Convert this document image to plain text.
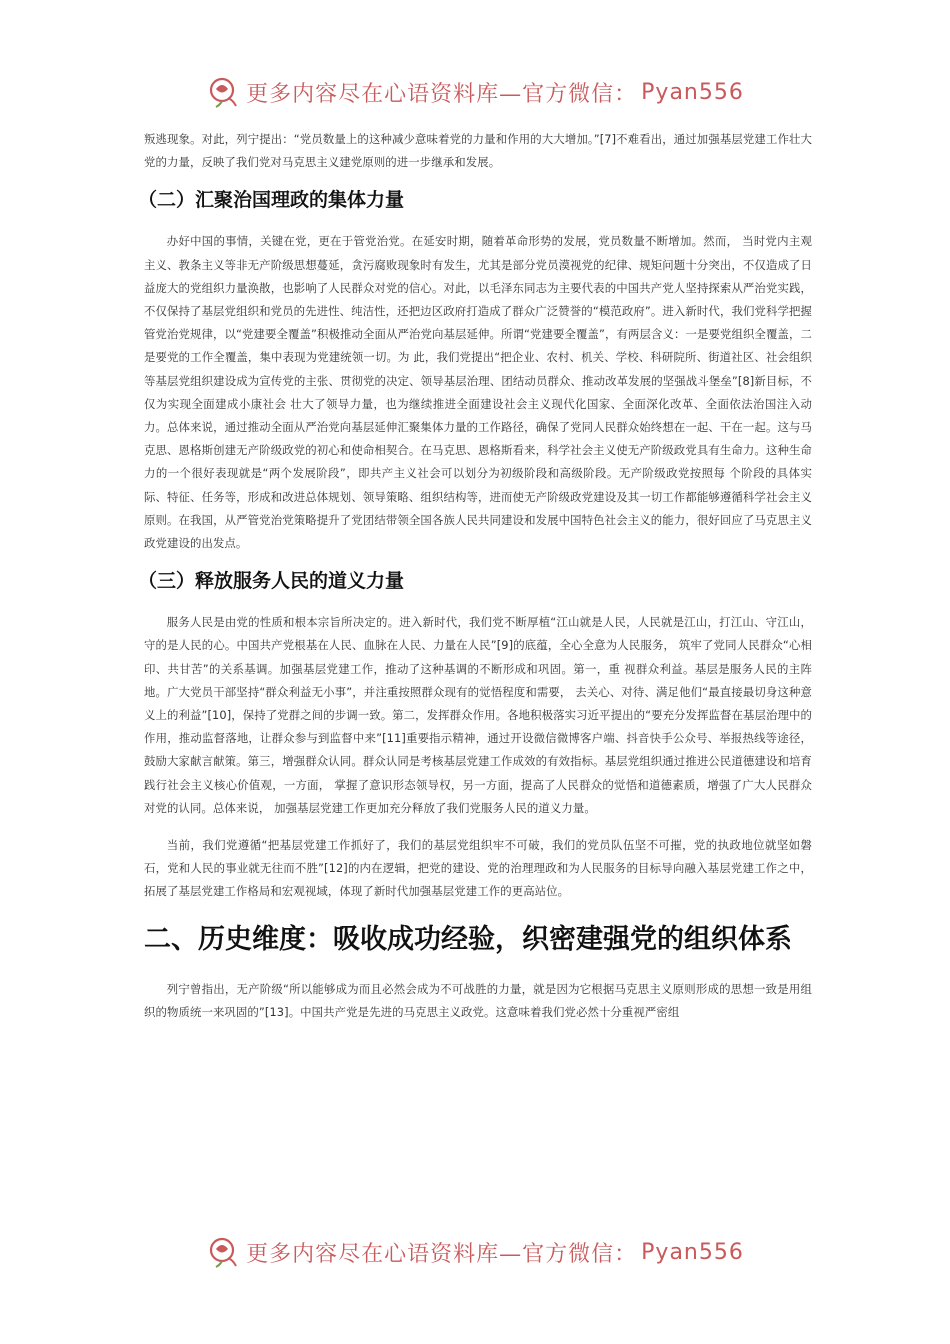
更多内容尽在心语资料库—官方微信： Pyan556

叛逃现象。对此，列宁提出：“党员数量上的这种减少意味着党的力量和作用的大大增加。”[7]不难看出，通过加强基层党建工作壮大党的力量，反映了我们党对马克思主义建党原则的进一步继承和发展。

（二）汇聚治国理政的集体力量

办好中国的事情，关键在党，更在于管党治党。在延安时期，随着革命形势的发展，党员数量不断增加。然而， 当时党内主观主义、教条主义等非无产阶级思想蔓延，贪污腐败现象时有发生，尤其是部分党员漠视党的纪律、规矩问题十分突出，不仅造成了日益庞大的党组织力量涣散，也影响了人民群众对党的信心。对此，以毛泽东同志为主要代表的中国共产党人坚持探索从严治党实践，不仅保持了基层党组织和党员的先进性、纯洁性，还把边区政府打造成了群众广泛赞誉的“模范政府”。进入新时代，我们党科学把握管党治党规律，以“党建要全覆盖”积极推动全面从严治党向基层延伸。所谓“党建要全覆盖”，有两层含义：一是要党组织全覆盖，二是要党的工作全覆盖，集中表现为党建统领一切。为 此，我们党提出“把企业、农村、机关、学校、科研院所、街道社区、社会组织等基层党组织建设成为宣传党的主张、贯彻党的决定、领导基层治理、团结动员群众、推动改革发展的坚强战斗堡垒”[8]新目标，不仅为实现全面建成小康社会 壮大了领导力量，也为继续推进全面建设社会主义现代化国家、全面深化改革、全面依法治国注入动力。总体来说，通过推动全面从严治党向基层延伸汇聚集体力量的工作路径，确保了党同人民群众始终想在一起、干在一起。这与马克思、恩格斯创建无产阶级政党的初心和使命相契合。在马克思、恩格斯看来，科学社会主义使无产阶级政党具有生命力。这种生命力的一个很好表现就是“两个发展阶段”，即共产主义社会可以划分为初级阶段和高级阶段。无产阶级政党按照每 个阶段的具体实际、特征、任务等，形成和改进总体规划、领导策略、组织结构等，进而使无产阶级政党建设及其一切工作都能够遵循科学社会主义原则。在我国，从严管党治党策略提升了党团结带领全国各族人民共同建设和发展中国特色社会主义的能力，很好回应了马克思主义政党建设的出发点。

（三）释放服务人民的道义力量

服务人民是由党的性质和根本宗旨所决定的。进入新时代，我们党不断厚植“江山就是人民，人民就是江山，打江山、守江山，守的是人民的心。中国共产党根基在人民、血脉在人民、力量在人民”[9]的底蕴，全心全意为人民服务， 筑牢了党同人民群众“心相印、共甘苦”的关系基调。加强基层党建工作，推动了这种基调的不断形成和巩固。第一，重 视群众利益。基层是服务人民的主阵地。广大党员干部坚持“群众利益无小事”，并注重按照群众现有的觉悟程度和需要， 去关心、对待、满足他们“最直接最切身这种意义上的利益”[10]，保持了党群之间的步调一致。第二，发挥群众作用。各地积极落实习近平提出的“要充分发挥监督在基层治理中的作用，推动监督落地，让群众参与到监督中来”[11]重要指示精神，通过开设微信微博客户端、抖音快手公众号、举报热线等途径，鼓励大家献言献策。第三，增强群众认同。群众认同是考核基层党建工作成效的有效指标。基层党组织通过推进公民道德建设和培育践行社会主义核心价值观，一方面， 掌握了意识形态领导权，另一方面，提高了人民群众的觉悟和道德素质，增强了广大人民群众对党的认同。总体来说， 加强基层党建工作更加充分释放了我们党服务人民的道义力量。

当前，我们党遵循“把基层党建工作抓好了，我们的基层党组织牢不可破，我们的党员队伍坚不可摧，党的执政地位就坚如磐石，党和人民的事业就无往而不胜”[12]的内在逻辑，把党的建设、党的治理理政和为人民服务的目标导向融入基层党建工作之中，拓展了基层党建工作格局和宏观视域，体现了新时代加强基层党建工作的更高站位。

二、历史维度：吸收成功经验，织密建强党的组织体系

列宁曾指出，无产阶级“所以能够成为而且必然会成为不可战胜的力量，就是因为它根据马克思主义原则形成的思想一致是用组织的物质统一来巩固的”[13]。中国共产党是先进的马克思主义政党。这意味着我们党必然十分重视严密组

更多内容尽在心语资料库—官方微信： Pyan556
